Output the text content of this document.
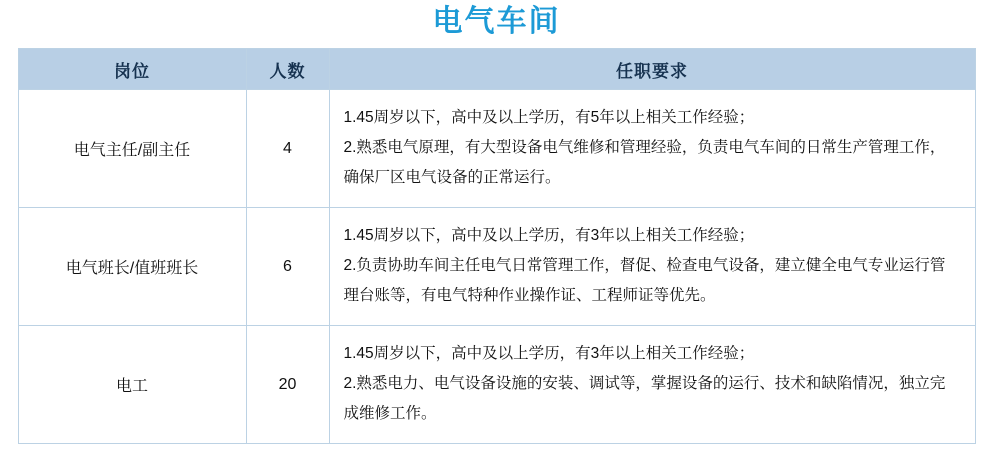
电气车间
岗位	人数	任职要求
电气主任/副主任	4	1.45周岁以下，高中及以上学历，有5年以上相关工作经验；
2.熟悉电气原理，有大型设备电气维修和管理经验，负责电气车间的日常生产管理工作，确保厂区电气设备的正常运行。

电气班长/值班班长	6	1.45周岁以下，高中及以上学历，有3年以上相关工作经验；
2.负责协助车间主任电气日常管理工作，督促、检查电气设备，建立健全电气专业运行管理台账等，有电气特种作业操作证、工程师证等优先。

电工	20	1.45周岁以下，高中及以上学历，有3年以上相关工作经验；
2.熟悉电力、电气设备设施的安装、调试等，掌握设备的运行、技术和缺陷情况，独立完成维修工作。
